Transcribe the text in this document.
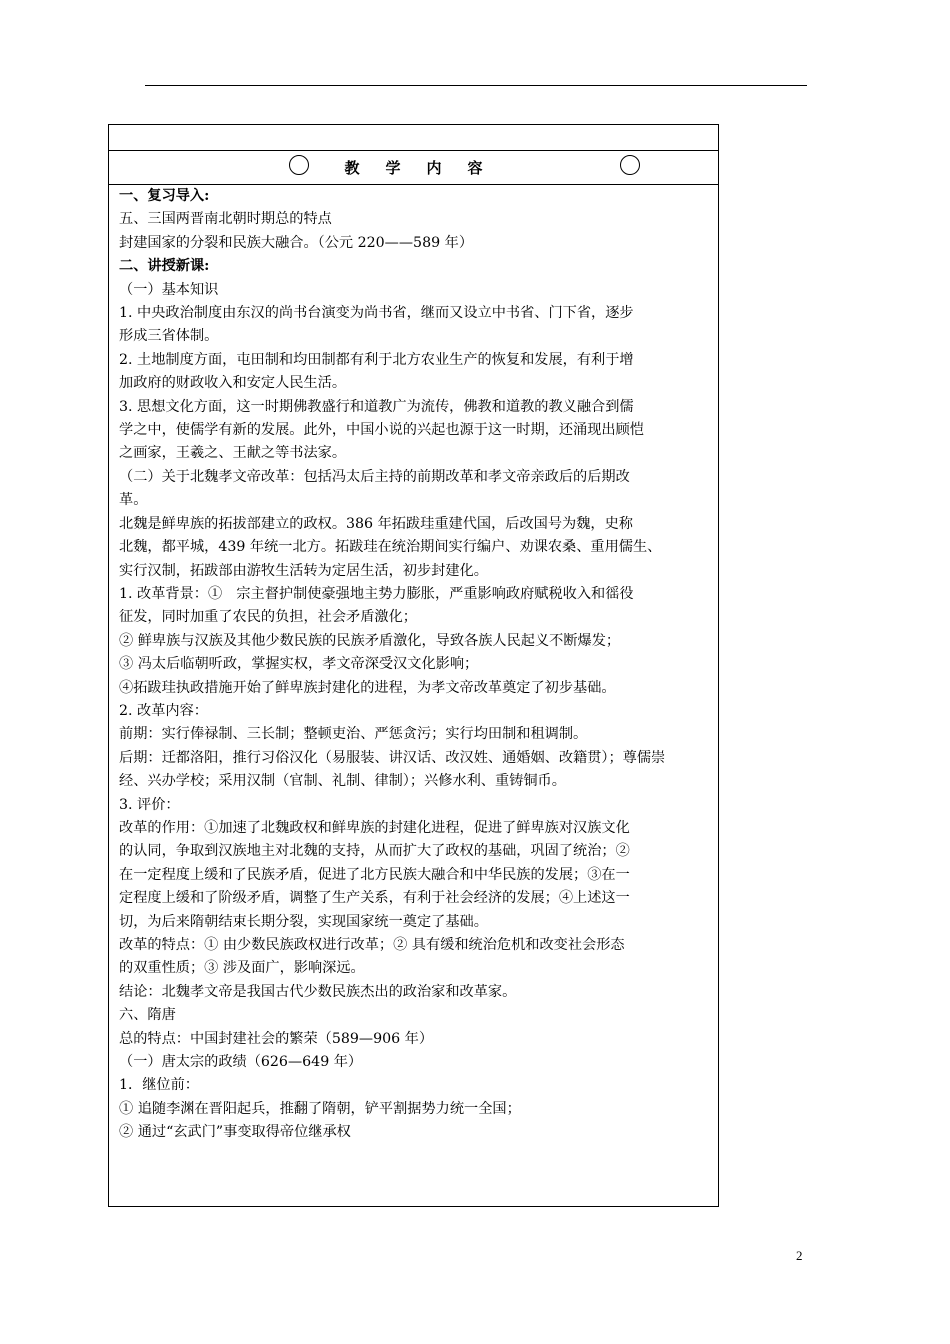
教 学 内 容

一、复习导入:

五、三国两晋南北朝时期总的特点

封建国家的分裂和民族大融合。（公元 220——589 年）

二、讲授新课:

（一）基本知识

1. 中央政治制度由东汉的尚书台演变为尚书省，继而又设立中书省、门下省，逐步

形成三省体制。

2. 土地制度方面，屯田制和均田制都有利于北方农业生产的恢复和发展，有利于增

加政府的财政收入和安定人民生活。

3. 思想文化方面，这一时期佛教盛行和道教广为流传，佛教和道教的教义融合到儒

学之中，使儒学有新的发展。此外，中国小说的兴起也源于这一时期，还涌现出顾恺

之画家，王羲之、王献之等书法家。

（二）关于北魏孝文帝改革：包括冯太后主持的前期改革和孝文帝亲政后的后期改

革。

北魏是鲜卑族的拓拔部建立的政权。386 年拓跋珪重建代国，后改国号为魏，史称

北魏，都平城，439 年统一北方。拓跋珪在统治期间实行编户、劝课农桑、重用儒生、

实行汉制，拓跋部由游牧生活转为定居生活，初步封建化。

1. 改革背景：①　宗主督护制使豪强地主势力膨胀，严重影响政府赋税收入和徭役

征发，同时加重了农民的负担，社会矛盾激化；

② 鲜卑族与汉族及其他少数民族的民族矛盾激化，导致各族人民起义不断爆发；

③ 冯太后临朝听政，掌握实权，孝文帝深受汉文化影响；

④拓跋珪执政措施开始了鲜卑族封建化的进程，为孝文帝改革奠定了初步基础。

2. 改革内容：

前期：实行俸禄制、三长制；整顿吏治、严惩贪污；实行均田制和租调制。

后期：迁都洛阳，推行习俗汉化（易服装、讲汉话、改汉姓、通婚姻、改籍贯）；尊儒崇

经、兴办学校；采用汉制（官制、礼制、律制）；兴修水利、重铸铜币。

3. 评价：

改革的作用：①加速了北魏政权和鲜卑族的封建化进程，促进了鲜卑族对汉族文化

的认同，争取到汉族地主对北魏的支持，从而扩大了政权的基础，巩固了统治；②

在一定程度上缓和了民族矛盾，促进了北方民族大融合和中华民族的发展；③在一

定程度上缓和了阶级矛盾，调整了生产关系，有利于社会经济的发展；④上述这一

切，为后来隋朝结束长期分裂，实现国家统一奠定了基础。

改革的特点：① 由少数民族政权进行改革；② 具有缓和统治危机和改变社会形态

的双重性质；③ 涉及面广，影响深远。

结论：北魏孝文帝是我国古代少数民族杰出的政治家和改革家。

六、隋唐

总的特点：中国封建社会的繁荣（589—906 年）

（一）唐太宗的政绩（626—649 年）

1．继位前：

① 追随李渊在晋阳起兵，推翻了隋朝，铲平割据势力统一全国；

② 通过“玄武门”事变取得帝位继承权

2
